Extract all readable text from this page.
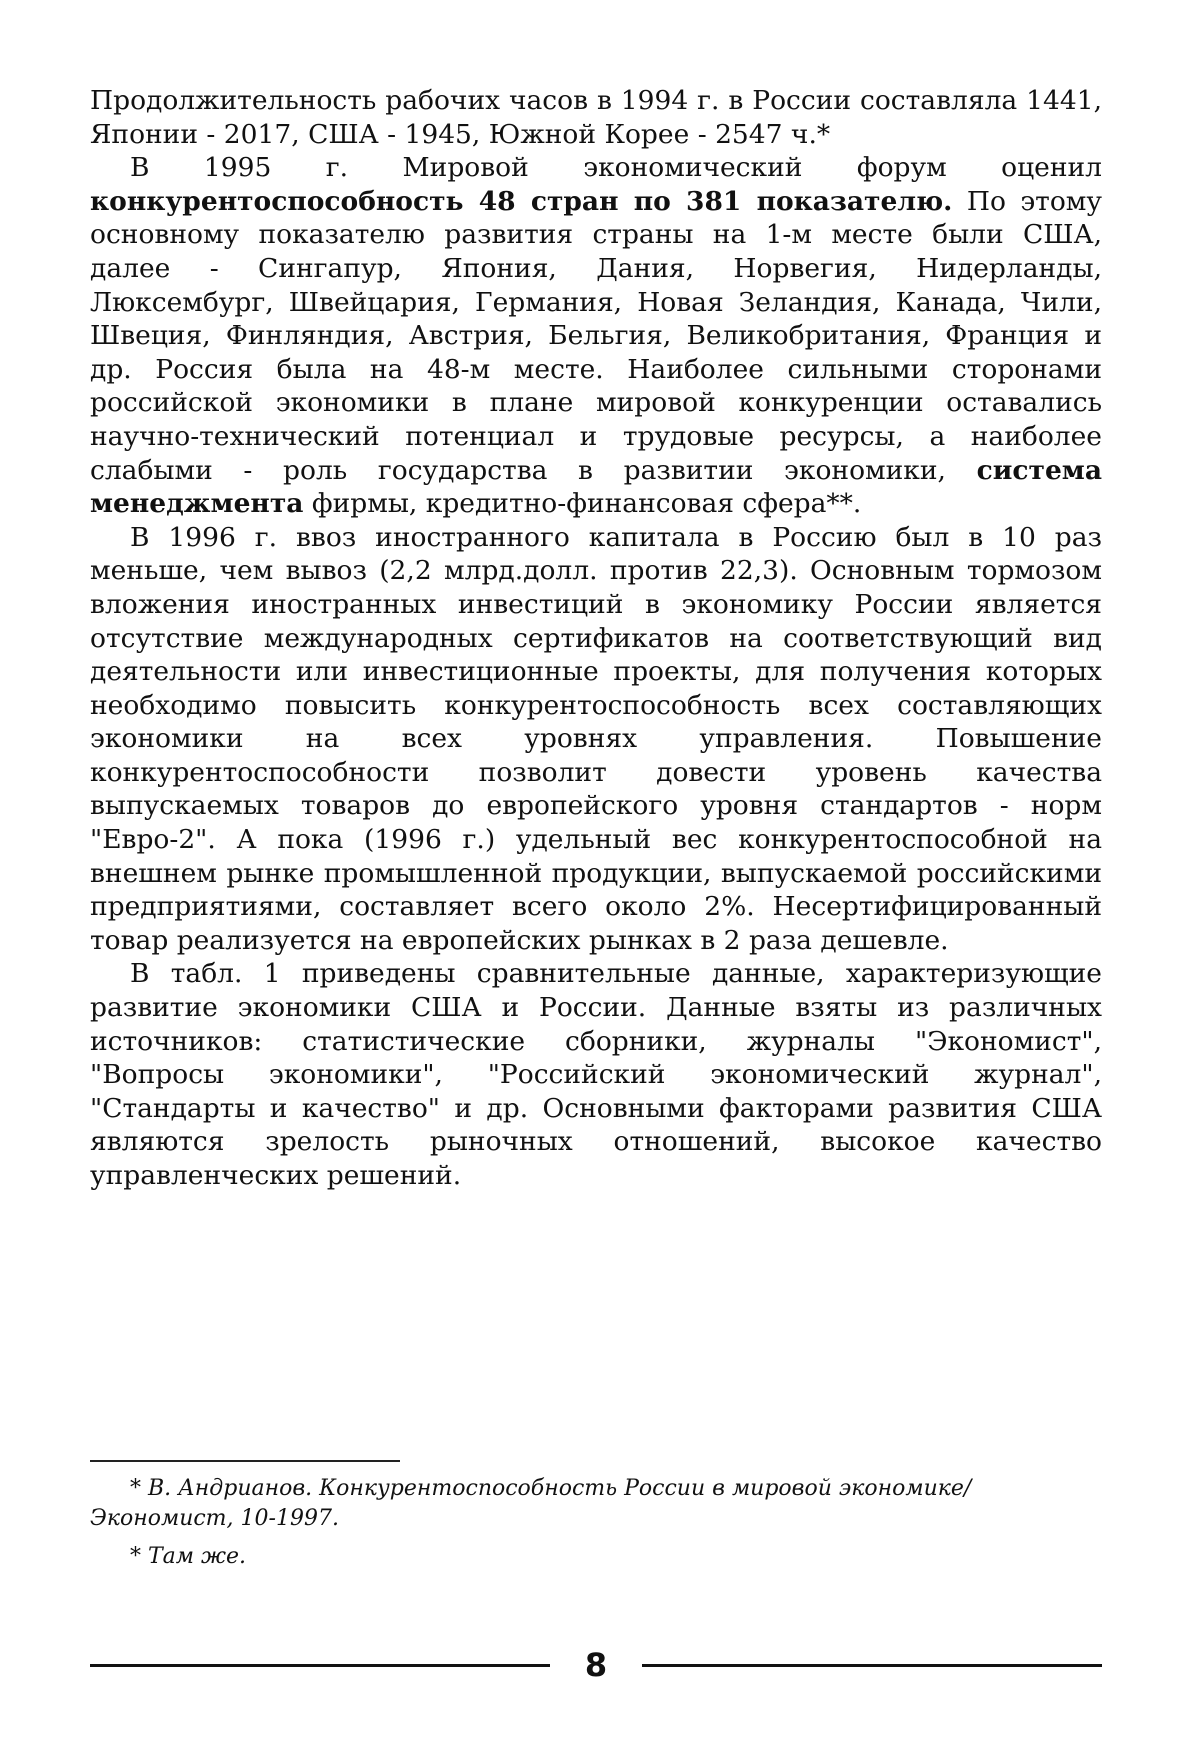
Продолжительность рабочих часов в 1994 г. в России составляла 1441, Японии - 2017, США - 1945, Южной Корее - 2547 ч.*

В 1995 г. Мировой экономический форум оценил конкурентоспособность 48 стран по 381 показателю. По этому основному показателю развития страны на 1-м месте были США, далее - Сингапур, Япония, Дания, Норвегия, Нидерланды, Люксембург, Швейцария, Германия, Новая Зеландия, Канада, Чили, Швеция, Финляндия, Австрия, Бельгия, Великобритания, Франция и др. Россия была на 48-м месте. Наиболее сильными сторонами российской экономики в плане мировой конкуренции оставались научно-технический потенциал и трудовые ресурсы, а наиболее слабыми - роль государства в развитии экономики, система менеджмента фирмы, кредитно-финансовая сфера**.

В 1996 г. ввоз иностранного капитала в Россию был в 10 раз меньше, чем вывоз (2,2 млрд.долл. против 22,3). Основным тормозом вложения иностранных инвестиций в экономику России является отсутствие международных сертификатов на соответствующий вид деятельности или инвестиционные проекты, для получения которых необходимо повысить конкурентоспособность всех составляющих экономики на всех уровнях управления. Повышение конкурентоспособности позволит довести уровень качества выпускаемых товаров до европейского уровня стандартов - норм "Евро-2". А пока (1996 г.) удельный вес конкурентоспособной на внешнем рынке промышленной продукции, выпускаемой российскими предприятиями, составляет всего около 2%. Несертифицированный товар реализуется на европейских рынках в 2 раза дешевле.

В табл. 1 приведены сравнительные данные, характеризующие развитие экономики США и России. Данные взяты из различных источников: статистические сборники, журналы "Экономист", "Вопросы экономики", "Российский экономический журнал", "Стандарты и качество" и др. Основными факторами развития США являются зрелость рыночных отношений, высокое качество управленческих решений.

* В. Андрианов. Конкурентоспособность России в мировой экономике/ Экономист, 10-1997.

* Там же.

8
